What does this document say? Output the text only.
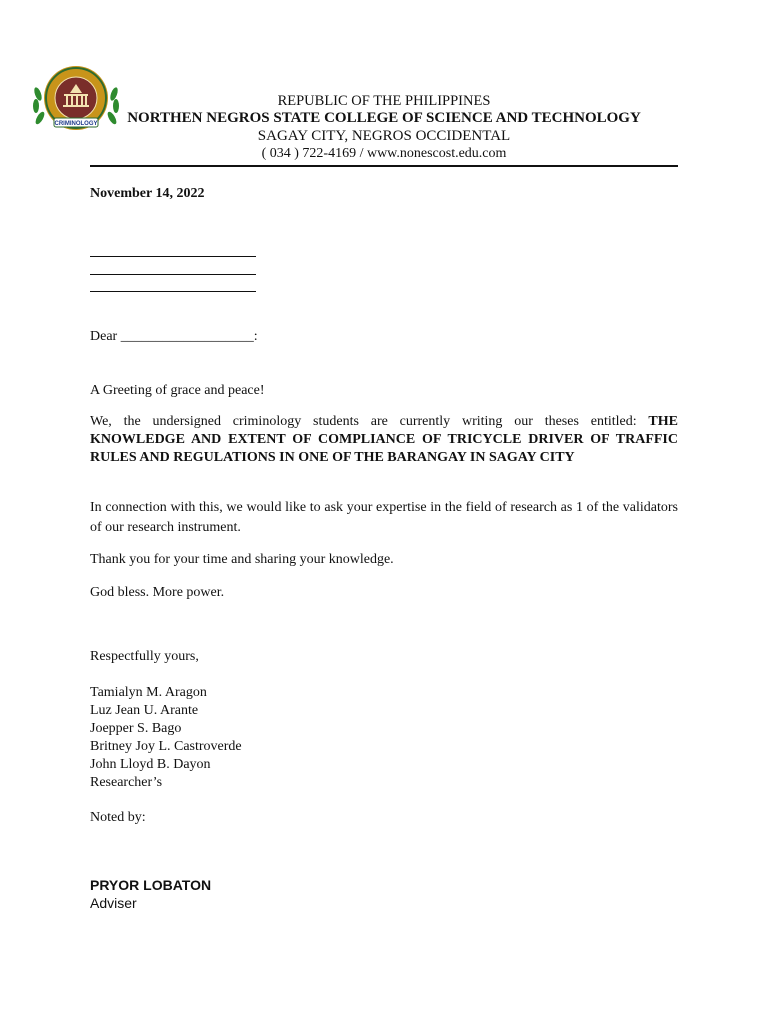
CRIMINOLOGY
REPUBLIC OF THE PHILIPPINES
NORTHEN NEGROS STATE COLLEGE OF SCIENCE AND TECHNOLOGY
SAGAY CITY, NEGROS OCCIDENTAL
( 034 ) 722-4169 / www.nonescost.edu.com
November 14, 2022
Dear ___________________:
A Greeting of grace and peace!
We, the undersigned criminology students are currently writing our theses entitled: THE KNOWLEDGE AND EXTENT OF COMPLIANCE OF TRICYCLE DRIVER OF TRAFFIC RULES AND REGULATIONS IN ONE OF THE BARANGAY IN SAGAY CITY
In connection with this, we would like to ask your expertise in the field of research as 1 of the validators of our research instrument.
Thank you for your time and sharing your knowledge.
God bless. More power.
Respectfully yours,
Tamialyn M. Aragon
Luz Jean U. Arante
Joepper S. Bago
Britney Joy L. Castroverde
John Lloyd B. Dayon
Researcher’s
Noted by:
PRYOR LOBATON
Adviser
